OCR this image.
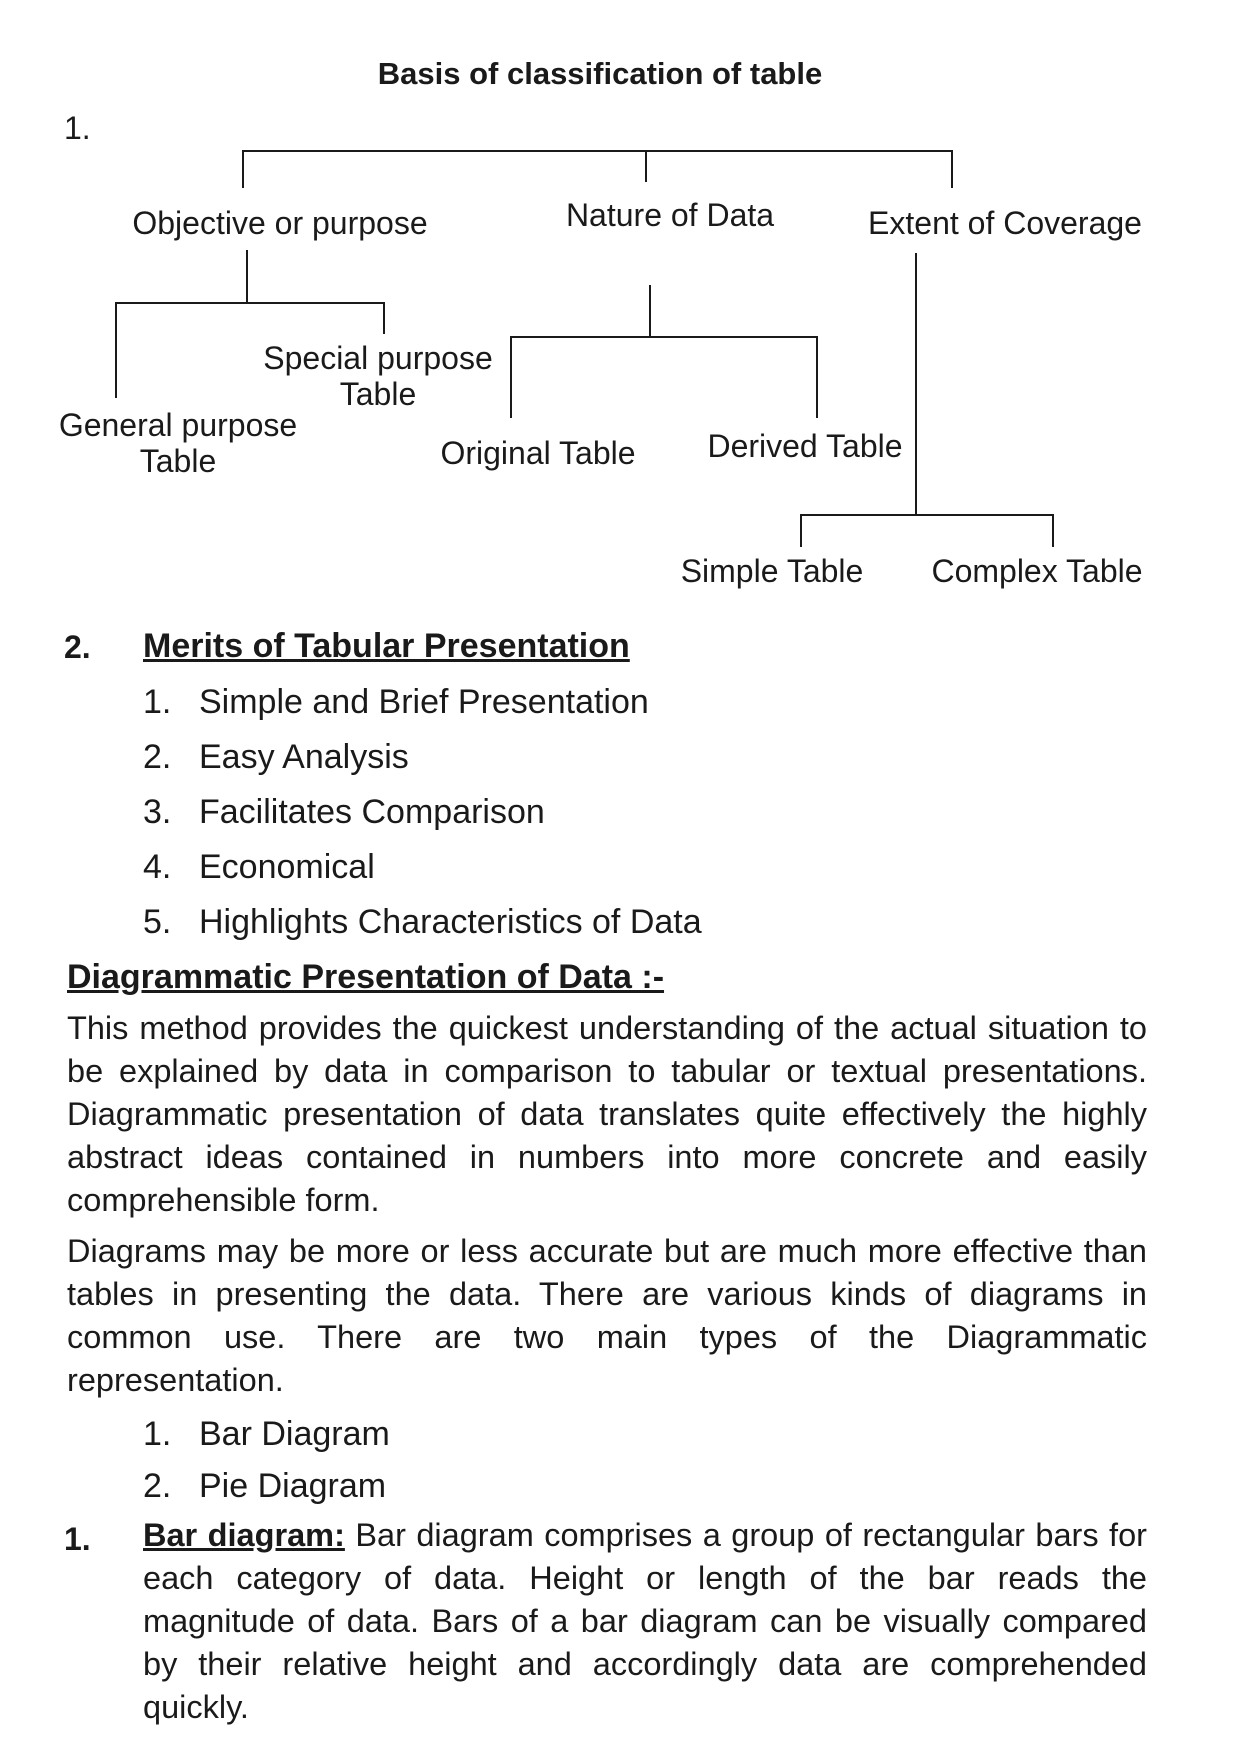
1.
Basis of classification of table
Objective or purpose	Nature of Data	Extent of Coverage
Special purpose
Table
General purpose
Table	Original Table	Derived Table
Simple Table Complex Table
2. Merits of Tabular Presentation
1. Simple and Brief Presentation
2. Easy Analysis
3. Facilitates Comparison
4. Economical
5. Highlights Characteristics of Data
Diagrammatic Presentation of Data :-
This method provides the quickest understanding of the actual situation to be explained by data in comparison to tabular or textual presentations. Diagrammatic presentation of data translates quite effectively the highly abstract ideas contained in numbers into more concrete and easily comprehensible form.
Diagrams may be more or less accurate but are much more effective than tables in presenting the data. There are various kinds of diagrams in common use. There are two main types of the Diagrammatic representation.
1. Bar Diagram
2. Pie Diagram
1. Bar diagram: Bar diagram comprises a group of rectangular bars for each category of data. Height or length of the bar reads the magnitude of data. Bars of a bar diagram can be visually compared by their relative height and accordingly data are comprehended quickly.
